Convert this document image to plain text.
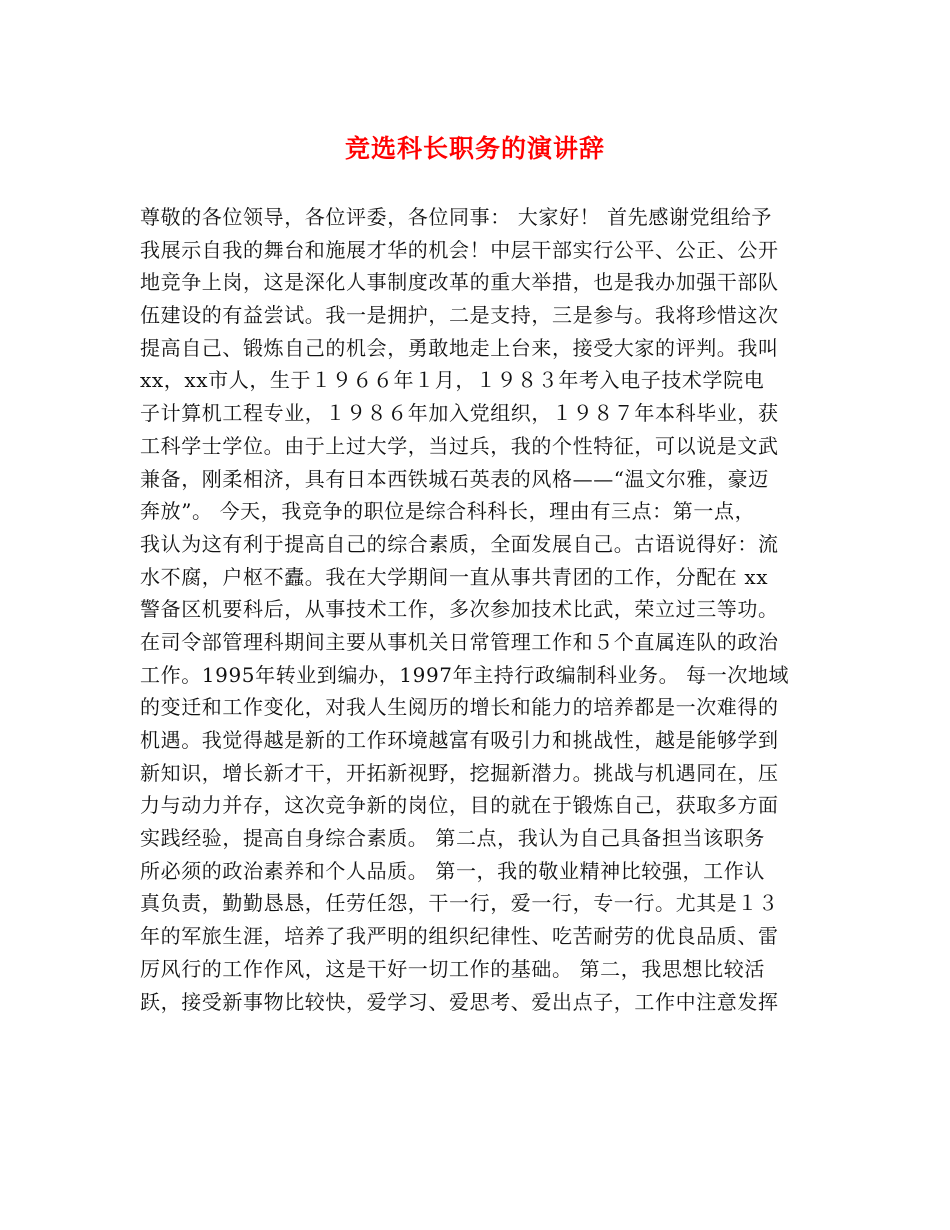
竞选科长职务的演讲辞
尊敬的各位领导，各位评委，各位同事： 大家好！ 首先感谢党组给予
我展示自我的舞台和施展才华的机会！中层干部实行公平、公正、公开
地竞争上岗，这是深化人事制度改革的重大举措，也是我办加强干部队
伍建设的有益尝试。我一是拥护，二是支持，三是参与。我将珍惜这次
提高自己、锻炼自己的机会，勇敢地走上台来，接受大家的评判。我叫
xx，xx市人，生于１９６６年１月，１９８３年考入电子技术学院电
子计算机工程专业，１９８６年加入党组织，１９８７年本科毕业，获
工科学士学位。由于上过大学，当过兵，我的个性特征，可以说是文武
兼备，刚柔相济，具有日本西铁城石英表的风格——“温文尔雅，豪迈
奔放”。 今天，我竞争的职位是综合科科长，理由有三点：第一点，
我认为这有利于提高自己的综合素质，全面发展自己。古语说得好：流
水不腐，户枢不蠹。我在大学期间一直从事共青团的工作，分配在 xx
警备区机要科后，从事技术工作，多次参加技术比武，荣立过三等功。
在司令部管理科期间主要从事机关日常管理工作和５个直属连队的政治
工作。1995年转业到编办，1997年主持行政编制科业务。 每一次地域
的变迁和工作变化，对我人生阅历的增长和能力的培养都是一次难得的
机遇。我觉得越是新的工作环境越富有吸引力和挑战性，越是能够学到
新知识，增长新才干，开拓新视野，挖掘新潜力。挑战与机遇同在，压
力与动力并存，这次竞争新的岗位，目的就在于锻炼自己，获取多方面
实践经验，提高自身综合素质。 第二点，我认为自己具备担当该职务
所必须的政治素养和个人品质。 第一，我的敬业精神比较强，工作认
真负责，勤勤恳恳，任劳任怨，干一行，爱一行，专一行。尤其是１３
年的军旅生涯，培养了我严明的组织纪律性、吃苦耐劳的优良品质、雷
厉风行的工作作风，这是干好一切工作的基础。 第二，我思想比较活
跃，接受新事物比较快，爱学习、爱思考、爱出点子，工作中注意发挥
